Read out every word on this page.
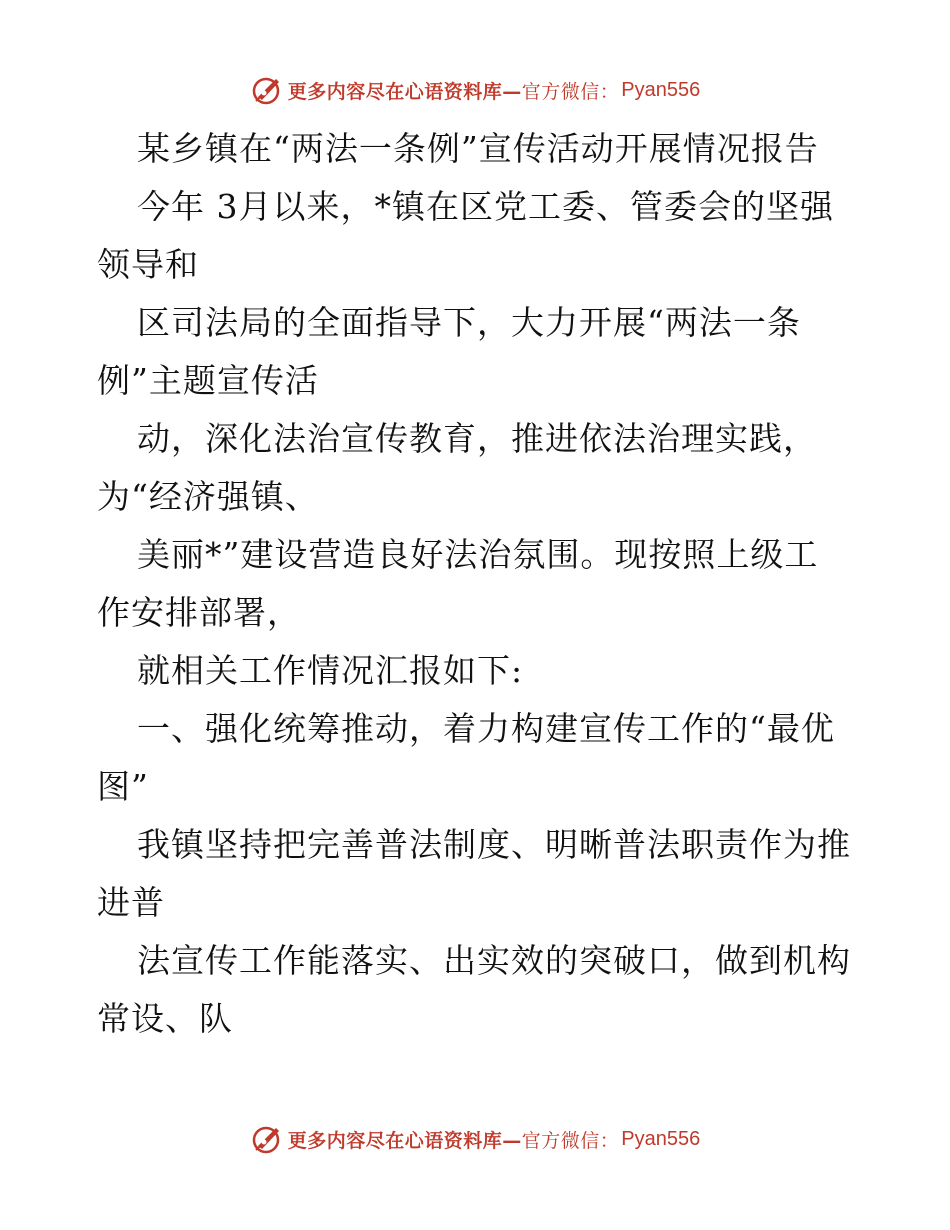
更多内容尽在心语资料库— 官方微信： Pyan556
某乡镇在“两法一条例”宣传活动开展情况报告
今年 3月以来，*镇在区党工委、管委会的坚强
领导和
区司法局的全面指导下，大力开展“两法一条
例”主题宣传活
动，深化法治宣传教育，推进依法治理实践，
为“经济强镇、
美丽*”建设营造良好法治氛围。现按照上级工
作安排部署，
就相关工作情况汇报如下:
一、强化统筹推动，着力构建宣传工作的“最优
图”
我镇坚持把完善普法制度、明晰普法职责作为推
进普
法宣传工作能落实、出实效的突破口，做到机构
常设、队
更多内容尽在心语资料库— 官方微信： Pyan556
